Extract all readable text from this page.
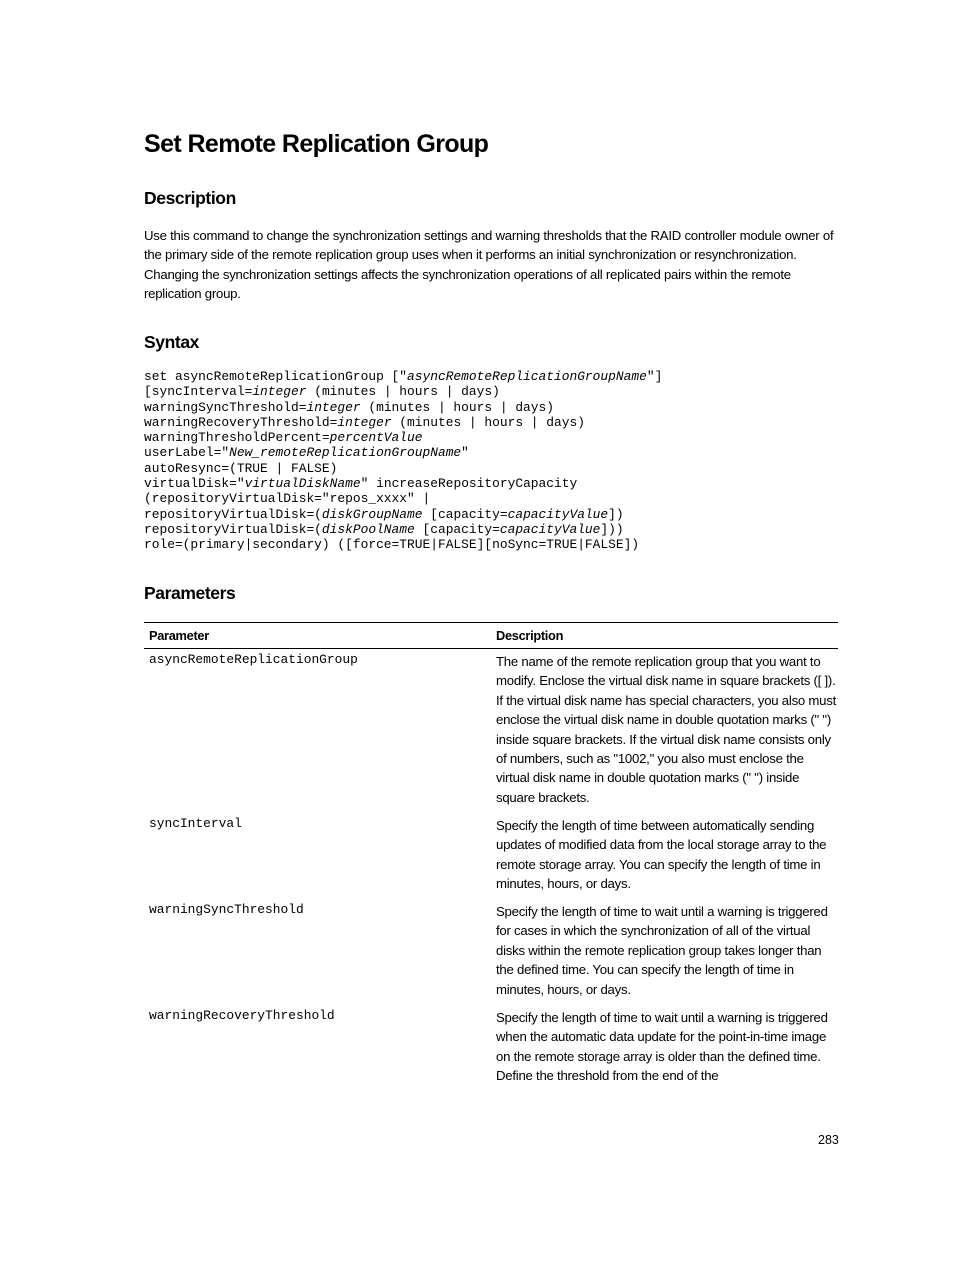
Set Remote Replication Group
Description

Use this command to change the synchronization settings and warning thresholds that the RAID controller module owner of the primary side of the remote replication group uses when it performs an initial synchronization or resynchronization. Changing the synchronization settings affects the synchronization operations of all replicated pairs within the remote replication group.

Syntax
set asyncRemoteReplicationGroup ["asyncRemoteReplicationGroupName"]
[syncInterval=integer (minutes | hours | days)
warningSyncThreshold=integer (minutes | hours | days)
warningRecoveryThreshold=integer (minutes | hours | days)
warningThresholdPercent=percentValue
userLabel="New_remoteReplicationGroupName"
autoResync=(TRUE | FALSE)
virtualDisk="virtualDiskName" increaseRepositoryCapacity
(repositoryVirtualDisk="repos_xxxx" |
repositoryVirtualDisk=(diskGroupName [capacity=capacityValue])
repositoryVirtualDisk=(diskPoolName [capacity=capacityValue]))
role=(primary|secondary) ([force=TRUE|FALSE][noSync=TRUE|FALSE])
Parameters
Parameter	Description
asyncRemoteReplicationGroup	The name of the remote replication group that you want to modify. Enclose the virtual disk name in square brackets ([ ]). If the virtual disk name has special characters, you also must enclose the virtual disk name in double quotation marks (" ") inside square brackets. If the virtual disk name consists only of numbers, such as "1002," you also must enclose the virtual disk name in double quotation marks (" ") inside square brackets.
syncInterval	Specify the length of time between automatically sending updates of modified data from the local storage array to the remote storage array. You can specify the length of time in minutes, hours, or days.
warningSyncThreshold	Specify the length of time to wait until a warning is triggered for cases in which the synchronization of all of the virtual disks within the remote replication group takes longer than the defined time. You can specify the length of time in minutes, hours, or days.
warningRecoveryThreshold	Specify the length of time to wait until a warning is triggered when the automatic data update for the point-in-time image on the remote storage array is older than the defined time. Define the threshold from the end of the
283
